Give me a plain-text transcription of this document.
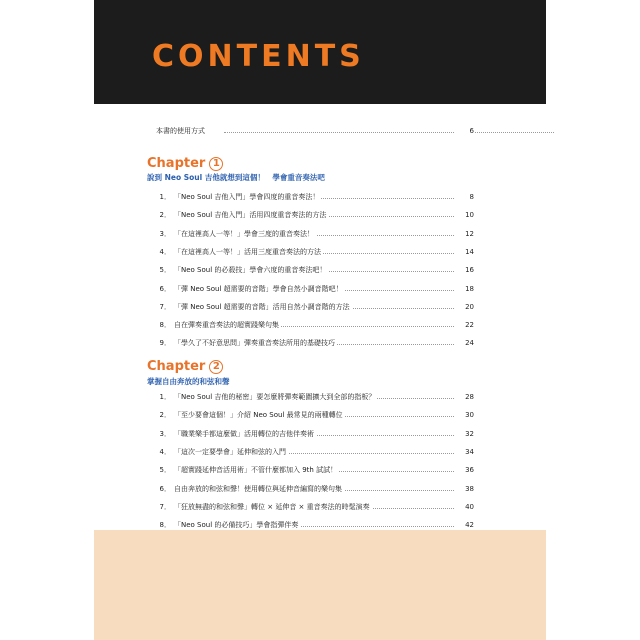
CONTENTS
本書的使用方式	6
Chapter 1
說到 Neo Soul 吉他就想到這個！　學會重音奏法吧
1 ． 「Neo Soul 吉他入門」學會四度的重音奏法！	8
2 ． 「Neo Soul 吉他入門」活用四度重音奏法的方法	10
3 ． 「在這裡高人一等！」學會三度的重音奏法！	12
4 ． 「在這裡高人一等！」活用三度重音奏法的方法	14
5 ． 「Neo Soul 的必殺技」學會六度的重音奏法吧！	16
6 ． 「彈 Neo Soul 超需要的音階」學會自然小調音階吧！	18
7 ． 「彈 Neo Soul 超需要的音階」活用自然小調音階的方法	20
8 ． 自在彈奏重音奏法的超實踐樂句集	22
9 ． 「學久了不好意思問」彈奏重音奏法所用的基礎技巧	24
Chapter 2
掌握自由奔放的和弦和聲
1 ． 「Neo Soul 吉他的秘密」要怎麼將彈奏範圍擴大到全部的指板？	28
2 ． 「至少要會這個！」介紹 Neo Soul 最常見的兩種轉位	30
3 ． 「職業樂手都這麼做」活用轉位的吉他伴奏術	32
4 ． 「這次一定要學會」延伸和弦的入門	34
5 ． 「超實踐延伸音活用術」不管什麼都加入 9th 試試！	36
6 ． 自由奔放的和弦和聲！使用轉位與延伸音編寫的樂句集	38
7 ． 「狂放無盡的和弦和聲」轉位 × 延伸音 × 重音奏法的時髦演奏	40
8 ． 「Neo Soul 的必備技巧」學會指彈伴奏	42
